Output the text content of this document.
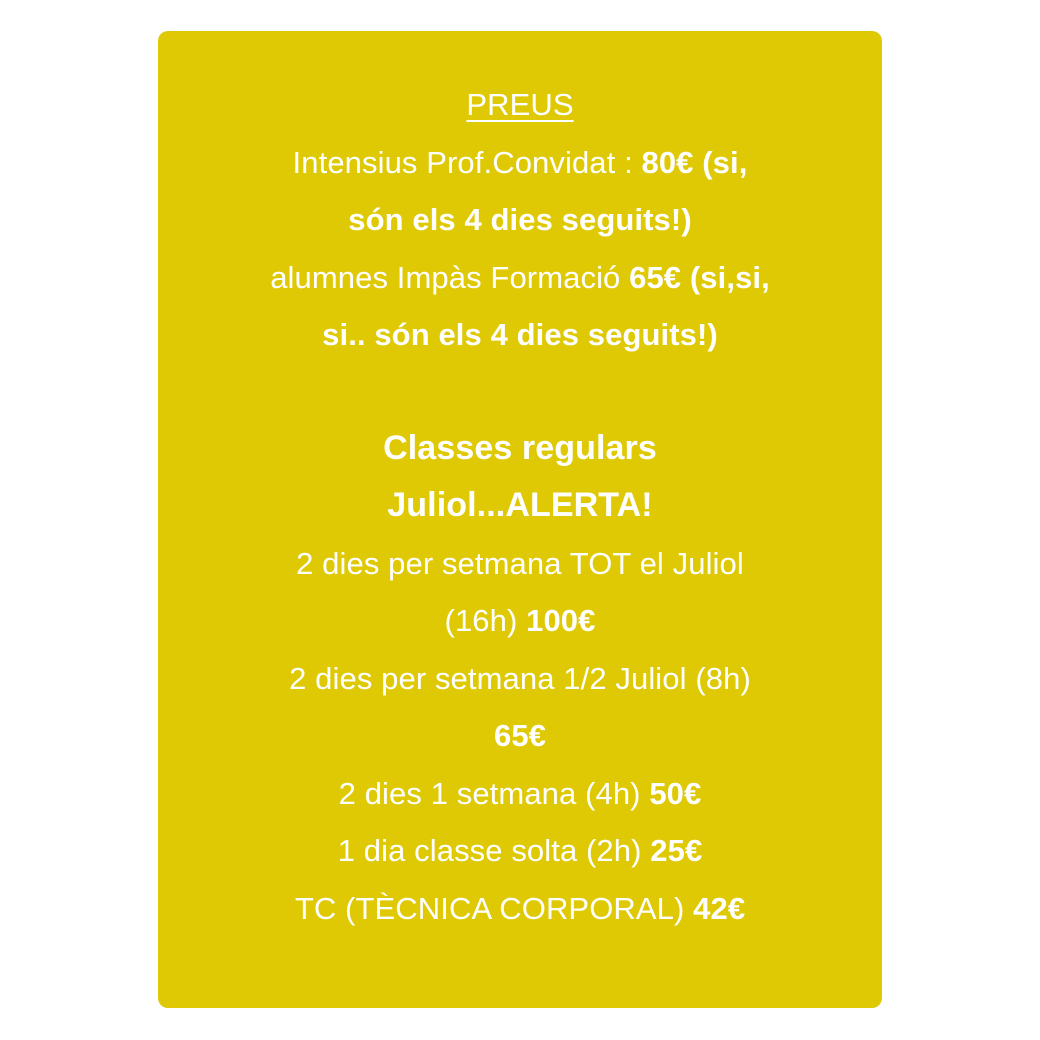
PREUS
Intensius Prof.Convidat : 80€ (si,
són els 4 dies seguits!)
alumnes Impàs Formació 65€ (si,si,
si.. són els 4 dies seguits!)
Classes regulars
Juliol...ALERTA!
2 dies per setmana TOT el Juliol
(16h) 100€
2 dies per setmana 1/2 Juliol (8h)
65€
2 dies 1 setmana (4h) 50€
1 dia classe solta (2h) 25€
TC (TÈCNICA CORPORAL) 42€
